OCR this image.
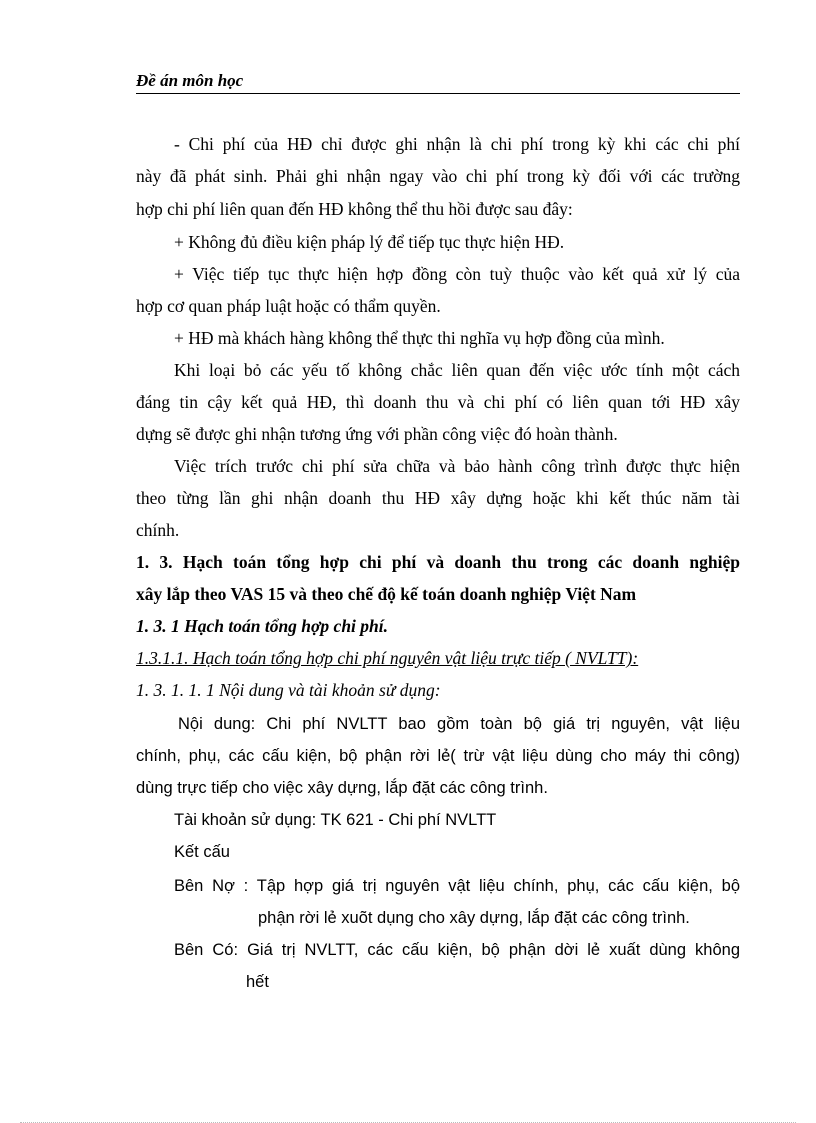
Đề án môn học
- Chi phí của HĐ chỉ được ghi nhận là chi phí trong kỳ khi các chi phí
này đã phát sinh. Phải ghi nhận ngay vào chi phí trong kỳ đối với các trường
hợp chi phí liên quan đến HĐ không thể thu hồi được sau đây:
+ Không đủ điều kiện pháp lý để tiếp tục thực hiện HĐ.
+ Việc tiếp tục thực hiện hợp đồng còn tuỳ thuộc vào kết quả xử lý của
hợp cơ quan pháp luật hoặc có thẩm quyền.
+ HĐ mà khách hàng không thể thực thi nghĩa vụ hợp đồng của mình.
Khi loại bỏ các yếu tố không chắc liên quan đến việc ước tính một cách
đáng tin cậy kết quả HĐ, thì doanh thu và chi phí có liên quan tới HĐ xây
dựng sẽ được ghi nhận tương ứng với phần công việc đó hoàn thành.
Việc trích trước chi phí sửa chữa và bảo hành công trình được thực hiện
theo từng lần ghi nhận doanh thu HĐ xây dựng hoặc khi kết thúc năm tài
chính.
1. 3. Hạch toán tổng hợp chi phí và doanh thu trong các doanh nghiệp
xây lắp theo VAS 15 và theo chế độ kế toán doanh nghiệp Việt Nam
1. 3. 1 Hạch toán tổng hợp chi phí.
1.3.1.1. Hạch toán tổng hợp chi phí nguyên vật liệu trực tiếp ( NVLTT):
1. 3. 1. 1. 1 Nội dung và tài khoản sử dụng:
Nội dung: Chi phí NVLTT bao gồm toàn bộ giá trị nguyên, vật liệu
chính, phụ, các cấu kiện, bộ phận rời lẻ( trừ vật liệu dùng cho máy thi công)
dùng trực tiếp cho việc xây dựng, lắp đặt các công trình.
Tài khoản sử dụng: TK 621 - Chi phí NVLTT
Kết cấu
Bên Nợ : Tập hợp giá trị nguyên vật liệu chính, phụ, các cấu kiện, bộ
phận rời lẻ xuõt dụng cho xây dựng, lắp đặt các công trình.
Bên Có: Giá trị NVLTT, các cấu kiện, bộ phận dời lẻ xuất dùng không
hết
